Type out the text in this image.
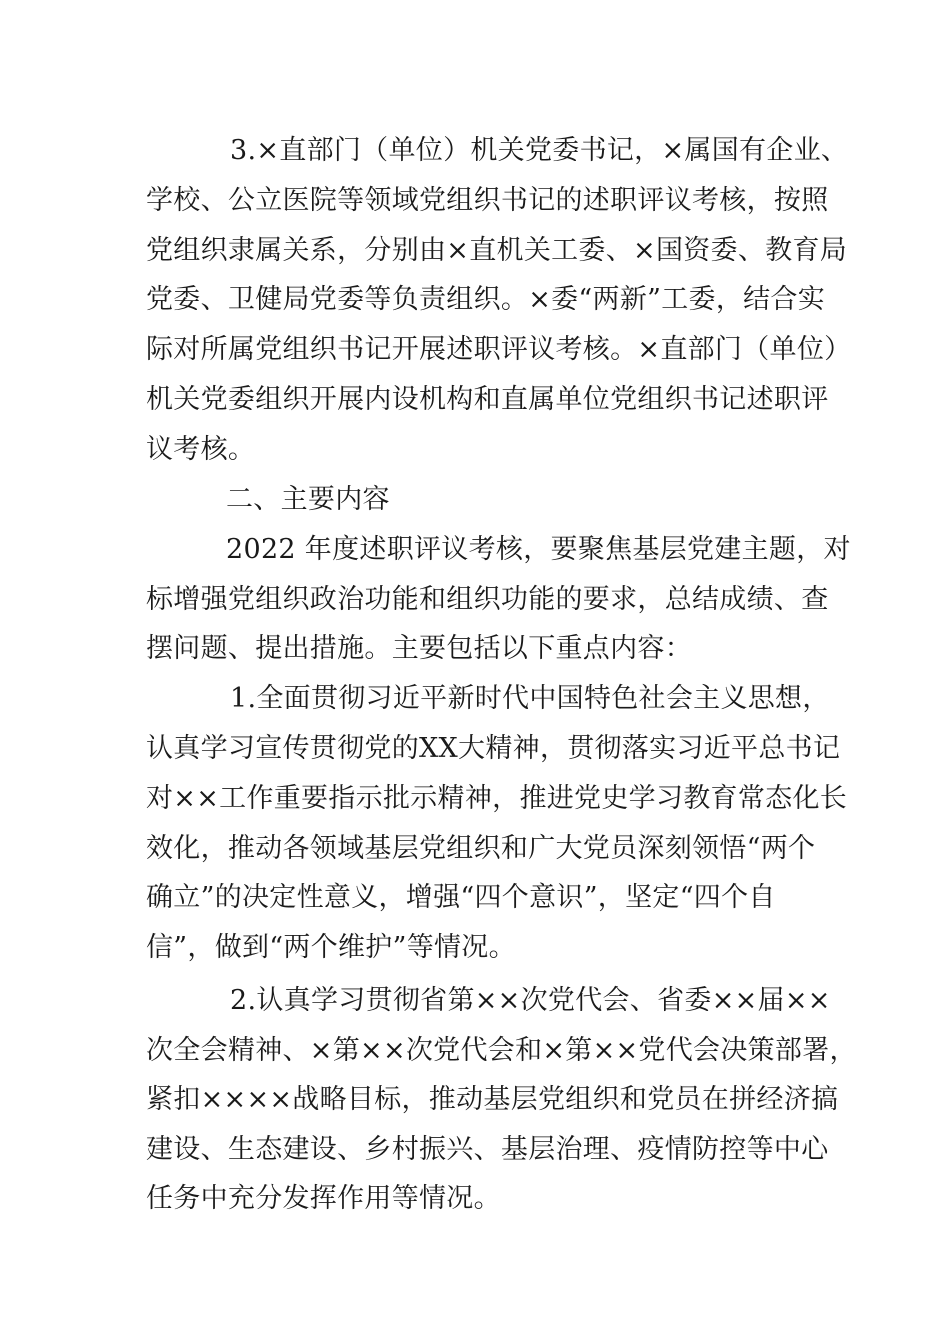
3.×直部门（单位）机关党委书记，×属国有企业、
学校、公立医院等领域党组织书记的述职评议考核，按照
党组织隶属关系，分别由×直机关工委、×国资委、教育局
党委、卫健局党委等负责组织。×委“两新”工委，结合实
际对所属党组织书记开展述职评议考核。×直部门（单位）
机关党委组织开展内设机构和直属单位党组织书记述职评
议考核。
二、主要内容
2022 年度述职评议考核，要聚焦基层党建主题，对
标增强党组织政治功能和组织功能的要求，总结成绩、查
摆问题、提出措施。主要包括以下重点内容：
1.全面贯彻习近平新时代中国特色社会主义思想，
认真学习宣传贯彻党的XX大精神，贯彻落实习近平总书记
对××工作重要指示批示精神，推进党史学习教育常态化长
效化，推动各领域基层党组织和广大党员深刻领悟“两个
确立”的决定性意义，增强“四个意识”，坚定“四个自
信”，做到“两个维护”等情况。
2.认真学习贯彻省第××次党代会、省委××届××
次全会精神、×第××次党代会和×第××党代会决策部署，
紧扣××××战略目标，推动基层党组织和党员在拼经济搞
建设、生态建设、乡村振兴、基层治理、疫情防控等中心
任务中充分发挥作用等情况。
